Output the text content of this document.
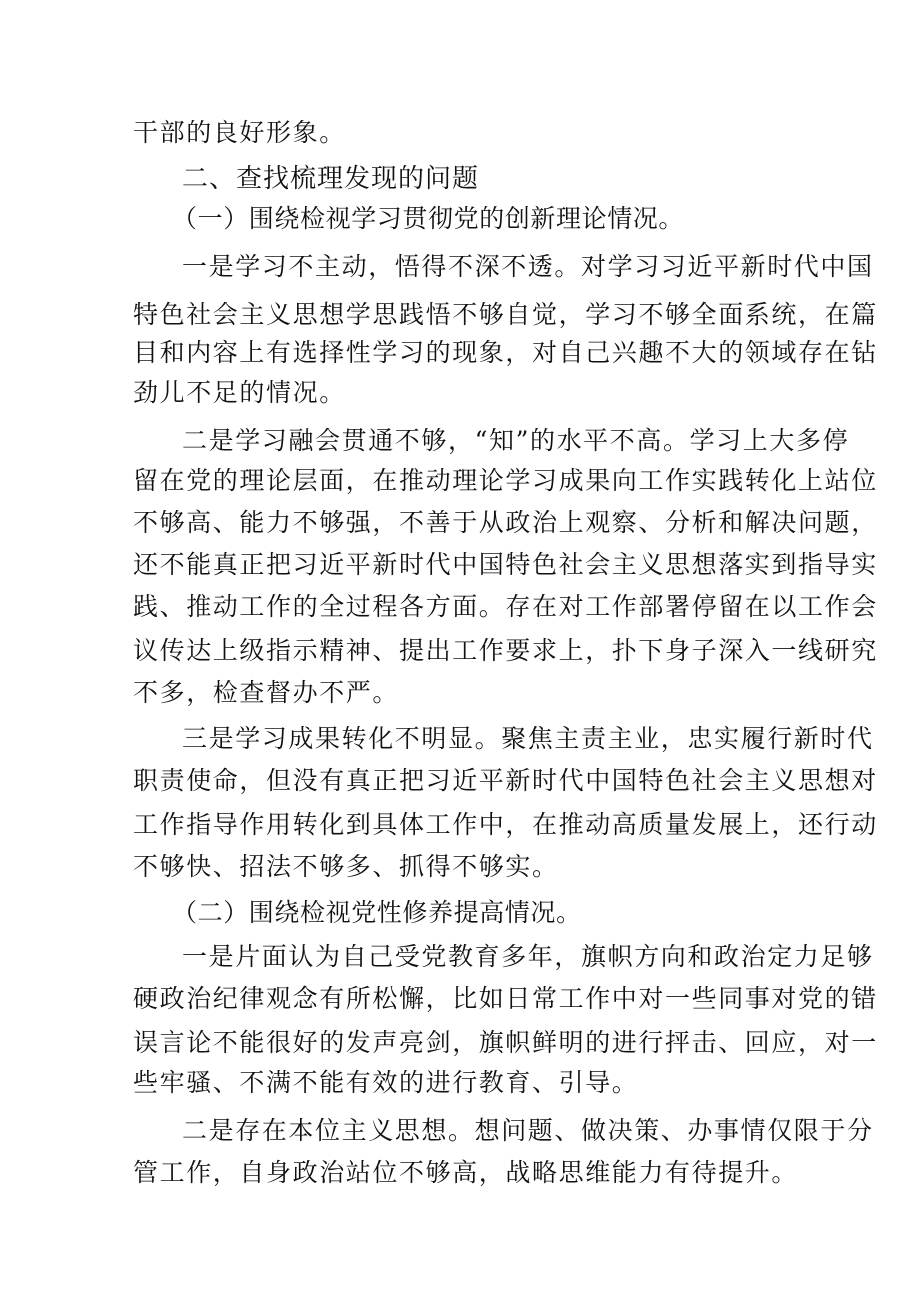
干部的良好形象。
二、查找梳理发现的问题
（一）围绕检视学习贯彻党的创新理论情况。
一是学习不主动，悟得不深不透。对学习习近平新时代中国
特色社会主义思想学思践悟不够自觉，学习不够全面系统，在篇
目和内容上有选择性学习的现象，对自己兴趣不大的领域存在钻
劲儿不足的情况。
二是学习融会贯通不够，“知”的水平不高。学习上大多停
留在党的理论层面，在推动理论学习成果向工作实践转化上站位
不够高、能力不够强，不善于从政治上观察、分析和解决问题，
还不能真正把习近平新时代中国特色社会主义思想落实到指导实
践、推动工作的全过程各方面。存在对工作部署停留在以工作会
议传达上级指示精神、提出工作要求上，扑下身子深入一线研究
不多，检查督办不严。
三是学习成果转化不明显。聚焦主责主业，忠实履行新时代
职责使命，但没有真正把习近平新时代中国特色社会主义思想对
工作指导作用转化到具体工作中，在推动高质量发展上，还行动
不够快、招法不够多、抓得不够实。
（二）围绕检视党性修养提高情况。
一是片面认为自己受党教育多年，旗帜方向和政治定力足够
硬政治纪律观念有所松懈，比如日常工作中对一些同事对党的错
误言论不能很好的发声亮剑，旗帜鲜明的进行抨击、回应，对一
些牢骚、不满不能有效的进行教育、引导。
二是存在本位主义思想。想问题、做决策、办事情仅限于分
管工作，自身政治站位不够高，战略思维能力有待提升。
